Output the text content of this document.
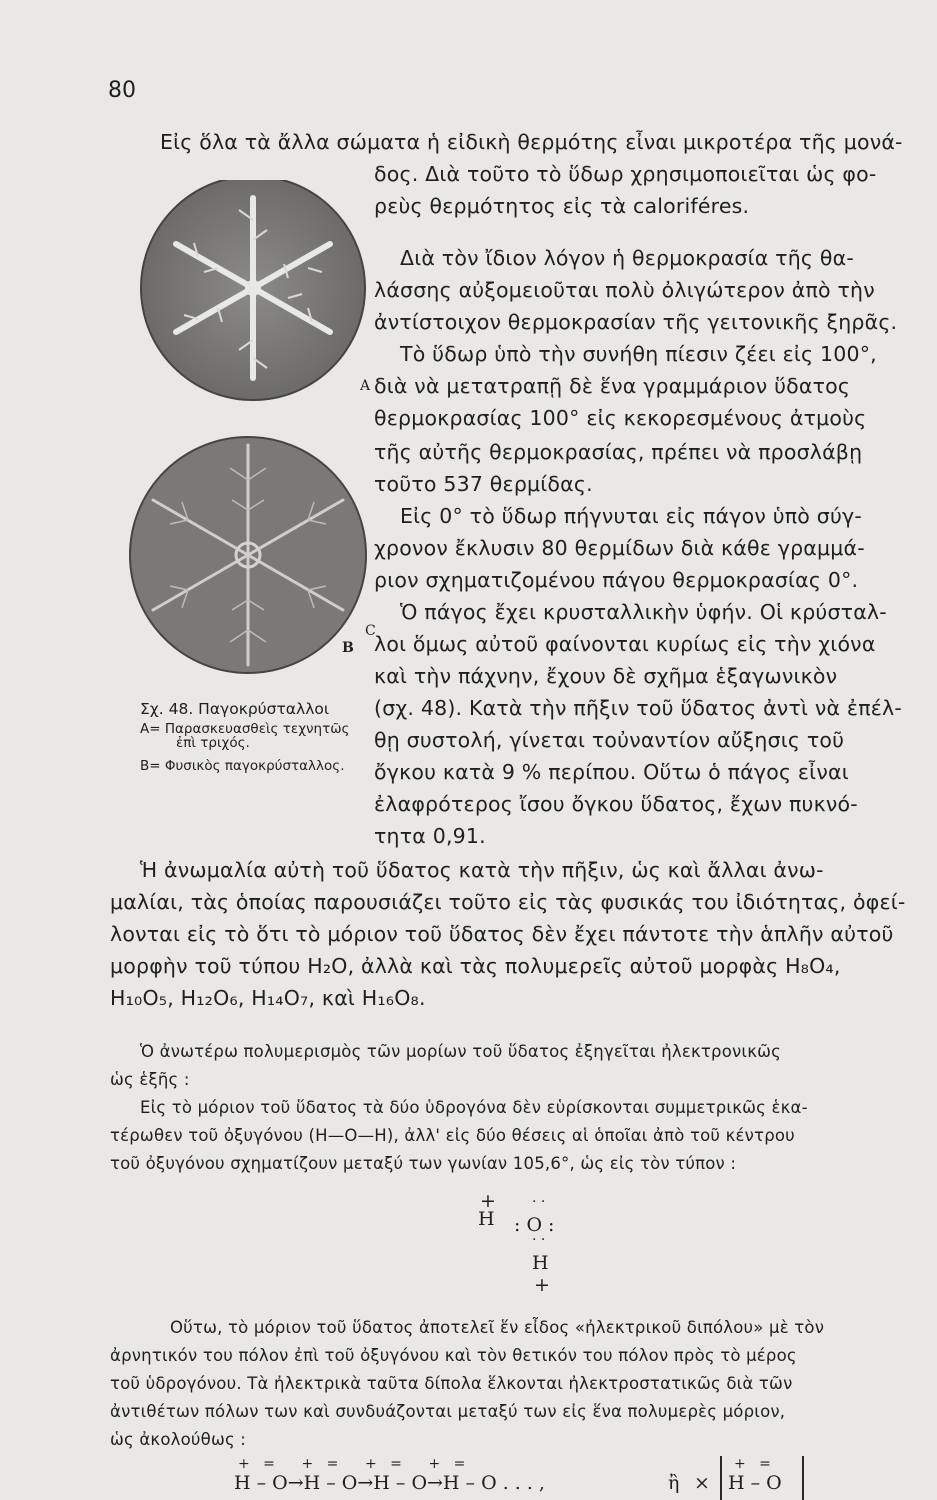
80
A
C
B
Σχ. 48. Παγοκρύσταλλοι
A= Παρασκευασθεὶς τεχνητῶς
ἐπὶ τριχός.
B= Φυσικὸς παγοκρύσταλλος.
Εἰς ὅλα τὰ ἄλλα σώματα ἡ εἰδικὴ θερμότης εἶναι μικροτέρα τῆς μονά-
δος. Διὰ τοῦτο τὸ ὕδωρ χρησιμοποιεῖται ὡς φο-
ρεὺς θερμότητος εἰς τὰ caloriféres.
Διὰ τὸν ἴδιον λόγον ἡ θερμοκρασία τῆς θα-
λάσσης αὐξομειοῦται πολὺ ὀλιγώτερον ἀπὸ τὴν
ἀντίστοιχον θερμοκρασίαν τῆς γειτονικῆς ξηρᾶς.
Τὸ ὕδωρ ὑπὸ τὴν συνήθη πίεσιν ζέει εἰς 100°,
διὰ νὰ μετατραπῇ δὲ ἕνα γραμμάριον ὕδατος
θερμοκρασίας 100° εἰς κεκορεσμένους ἀτμοὺς
τῆς αὐτῆς θερμοκρασίας, πρέπει νὰ προσλάβῃ
τοῦτο 537 θερμίδας.
Εἰς 0° τὸ ὕδωρ πήγνυται εἰς πάγον ὑπὸ σύγ-
χρονον ἔκλυσιν 80 θερμίδων διὰ κάθε γραμμά-
ριον σχηματιζομένου πάγου θερμοκρασίας 0°.
Ὁ πάγος ἔχει κρυσταλλικὴν ὑφήν. Οἱ κρύσταλ-
λοι ὅμως αὐτοῦ φαίνονται κυρίως εἰς τὴν χιόνα
καὶ τὴν πάχνην, ἔχουν δὲ σχῆμα ἑξαγωνικὸν
(σχ. 48). Κατὰ τὴν πῆξιν τοῦ ὕδατος ἀντὶ νὰ ἐπέλ-
θῃ συστολή, γίνεται τοὐναντίον αὔξησις τοῦ
ὄγκου κατὰ 9 % περίπου. Οὕτω ὁ πάγος εἶναι
ἐλαφρότερος ἴσου ὄγκου ὕδατος, ἔχων πυκνό-
τητα 0,91.
Ἡ ἀνωμαλία αὐτὴ τοῦ ὕδατος κατὰ τὴν πῆξιν, ὡς καὶ ἄλλαι ἀνω-
μαλίαι, τὰς ὁποίας παρουσιάζει τοῦτο εἰς τὰς φυσικάς του ἰδιότητας, ὀφεί-
λονται εἰς τὸ ὅτι τὸ μόριον τοῦ ὕδατος δὲν ἔχει πάντοτε τὴν ἁπλῆν αὐτοῦ
μορφὴν τοῦ τύπου H₂O, ἀλλὰ καὶ τὰς πολυμερεῖς αὐτοῦ μορφὰς H₈O₄,
H₁₀O₅, H₁₂O₆, H₁₄O₇, καὶ H₁₆O₈.
Ὁ ἀνωτέρω πολυμερισμὸς τῶν μορίων τοῦ ὕδατος ἐξηγεῖται ἠλεκτρονικῶς
ὡς ἑξῆς :
Εἰς τὸ μόριον τοῦ ὕδατος τὰ δύο ὑδρογόνα δὲν εὑρίσκονται συμμετρικῶς ἑκα-
τέρωθεν τοῦ ὀξυγόνου (H—O—H), ἀλλ' εἰς δύο θέσεις αἱ ὁποῖαι ἀπὸ τοῦ κέντρου
τοῦ ὀξυγόνου σχηματίζουν μεταξύ των γωνίαν 105,6°, ὡς εἰς τὸν τύπον :
+
H
· ·
: O :
· ·
H
+
Οὕτω, τὸ μόριον τοῦ ὕδατος ἀποτελεῖ ἕν εἶδος «ἠλεκτρικοῦ διπόλου» μὲ τὸν
ἀρνητικόν του πόλον ἐπὶ τοῦ ὀξυγόνου καὶ τὸν θετικόν του πόλον πρὸς τὸ μέρος
τοῦ ὑδρογόνου. Τὰ ἠλεκτρικὰ ταῦτα δίπολα ἕλκονται ἠλεκτροστατικῶς διὰ τῶν
ἀντιθέτων πόλων των καὶ συνδυάζονται μεταξύ των εἰς ἕνα πολυμερὲς μόριον,
ὡς ἀκολούθως :
+   =      +   =      +   =      +   =
H – O→H – O→H – O→H – O . . . ,	ἢ ×
+   =
H – O
